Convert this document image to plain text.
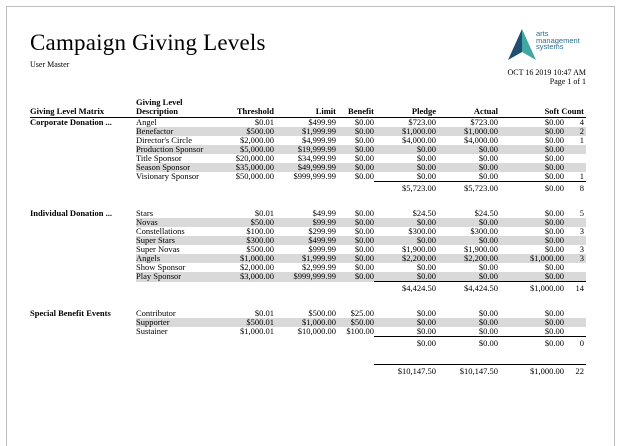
Campaign Giving Levels
User Master
arts
management
systems
OCT 16 2019 10:47 AM
Page 1 of 1
Giving Level Matrix	Giving Level
Description	Threshold	Limit	Benefit	Pledge	Actual	Soft Count	
Corporate Donation ...	Angel	$0.01	$499.99	$0.00	$723.00	$723.00	$0.00	4
	Benefactor	$500.00	$1,999.99	$0.00	$1,000.00	$1,000.00	$0.00	2
	Director's Circle	$2,000.00	$4,999.99	$0.00	$4,000.00	$4,000.00	$0.00	1
	Production Sponsor	$5,000.00	$19,999.99	$0.00	$0.00	$0.00	$0.00	
	Title Sponsor	$20,000.00	$34,999.99	$0.00	$0.00	$0.00	$0.00	
	Season Sponsor	$35,000.00	$49,999.99	$0.00	$0.00	$0.00	$0.00	
	Visionary Sponsor	$50,000.00	$999,999.99	$0.00	$0.00	$0.00	$0.00	1
					$5,723.00	$5,723.00	$0.00	8

Individual Donation ...	Stars	$0.01	$49.99	$0.00	$24.50	$24.50	$0.00	5
	Novas	$50.00	$99.99	$0.00	$0.00	$0.00	$0.00	
	Constellations	$100.00	$299.99	$0.00	$300.00	$300.00	$0.00	3
	Super Stars	$300.00	$499.99	$0.00	$0.00	$0.00	$0.00	
	Super Novas	$500.00	$999.99	$0.00	$1,900.00	$1,900.00	$0.00	3
	Angels	$1,000.00	$1,999.99	$0.00	$2,200.00	$2,200.00	$1,000.00	3
	Show Sponsor	$2,000.00	$2,999.99	$0.00	$0.00	$0.00	$0.00	
	Play Sponsor	$3,000.00	$999,999.99	$0.00	$0.00	$0.00	$0.00	
					$4,424.50	$4,424.50	$1,000.00	14

Special Benefit Events	Contributor	$0.01	$500.00	$25.00	$0.00	$0.00	$0.00	
	Supporter	$500.01	$1,000.00	$50.00	$0.00	$0.00	$0.00	
	Sustainer	$1,000.01	$10,000.00	$100.00	$0.00	$0.00	$0.00	
					$0.00	$0.00	$0.00	0

					$10,147.50	$10,147.50	$1,000.00	22
